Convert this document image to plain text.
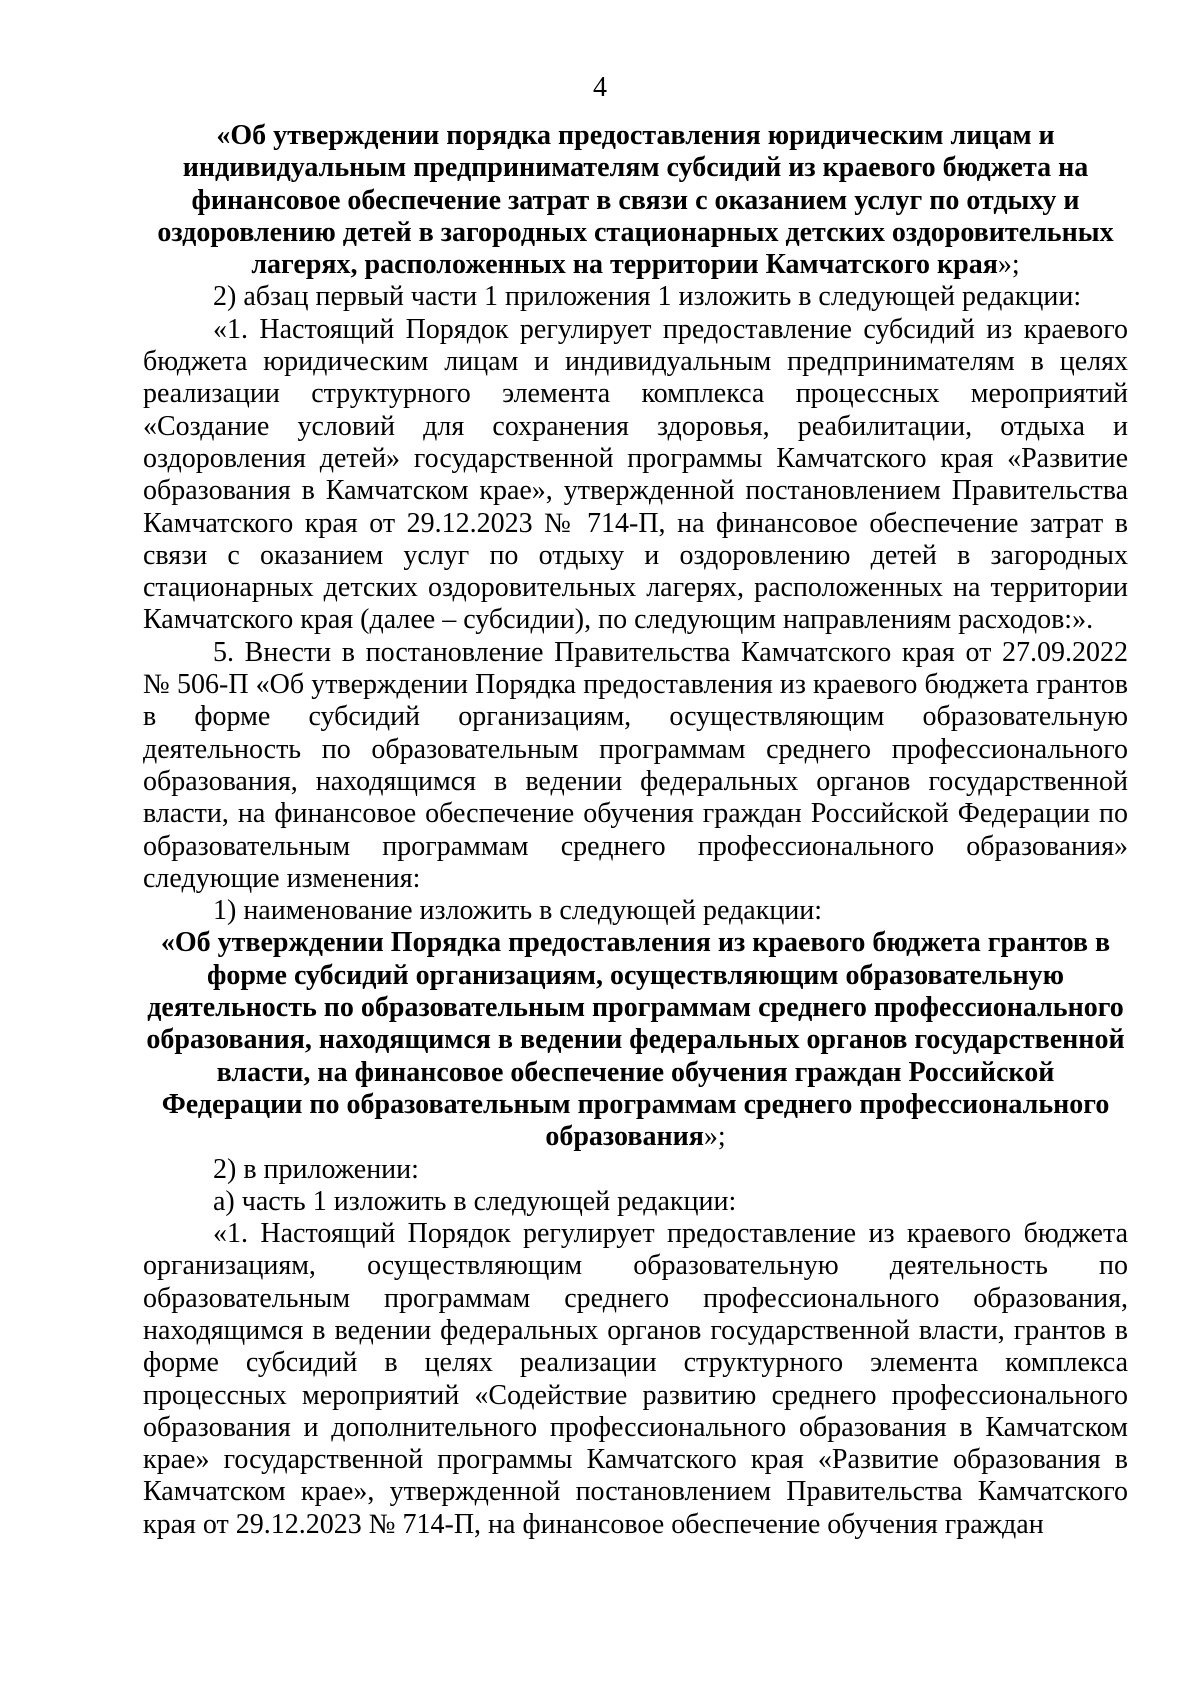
4

«Об утверждении порядка предоставления юридическим лицам и индивидуальным предпринимателям субсидий из краевого бюджета на финансовое обеспечение затрат в связи с оказанием услуг по отдыху и оздоровлению детей в загородных стационарных детских оздоровительных лагерях, расположенных на территории Камчатского края»;

2) абзац первый части 1 приложения 1 изложить в следующей редакции:

«1. Настоящий Порядок регулирует предоставление субсидий из краевого бюджета юридическим лицам и индивидуальным предпринимателям в целях реализации структурного элемента комплекса процессных мероприятий «Создание условий для сохранения здоровья, реабилитации, отдыха и оздоровления детей» государственной программы Камчатского края «Развитие образования в Камчатском крае», утвержденной постановлением Правительства Камчатского края от 29.12.2023 № 714-П, на финансовое обеспечение затрат в связи с оказанием услуг по отдыху и оздоровлению детей в загородных стационарных детских оздоровительных лагерях, расположенных на территории Камчатского края (далее – субсидии), по следующим направлениям расходов:».

5. Внести в постановление Правительства Камчатского края от 27.09.2022 № 506-П «Об утверждении Порядка предоставления из краевого бюджета грантов в форме субсидий организациям, осуществляющим образовательную деятельность по образовательным программам среднего профессионального образования, находящимся в ведении федеральных органов государственной власти, на финансовое обеспечение обучения граждан Российской Федерации по образовательным программам среднего профессионального образования» следующие изменения:

1) наименование изложить в следующей редакции:

«Об утверждении Порядка предоставления из краевого бюджета грантов в форме субсидий организациям, осуществляющим образовательную деятельность по образовательным программам среднего профессионального образования, находящимся в ведении федеральных органов государственной власти, на финансовое обеспечение обучения граждан Российской Федерации по образовательным программам среднего профессионального образования»;

2) в приложении:

а) часть 1 изложить в следующей редакции:

«1. Настоящий Порядок регулирует предоставление из краевого бюджета организациям, осуществляющим образовательную деятельность по образовательным программам среднего профессионального образования, находящимся в ведении федеральных органов государственной власти, грантов в форме субсидий в целях реализации структурного элемента комплекса процессных мероприятий «Содействие развитию среднего профессионального образования и дополнительного профессионального образования в Камчатском крае» государственной программы Камчатского края «Развитие образования в Камчатском крае», утвержденной постановлением Правительства Камчатского края от 29.12.2023 № 714-П, на финансовое обеспечение обучения граждан
